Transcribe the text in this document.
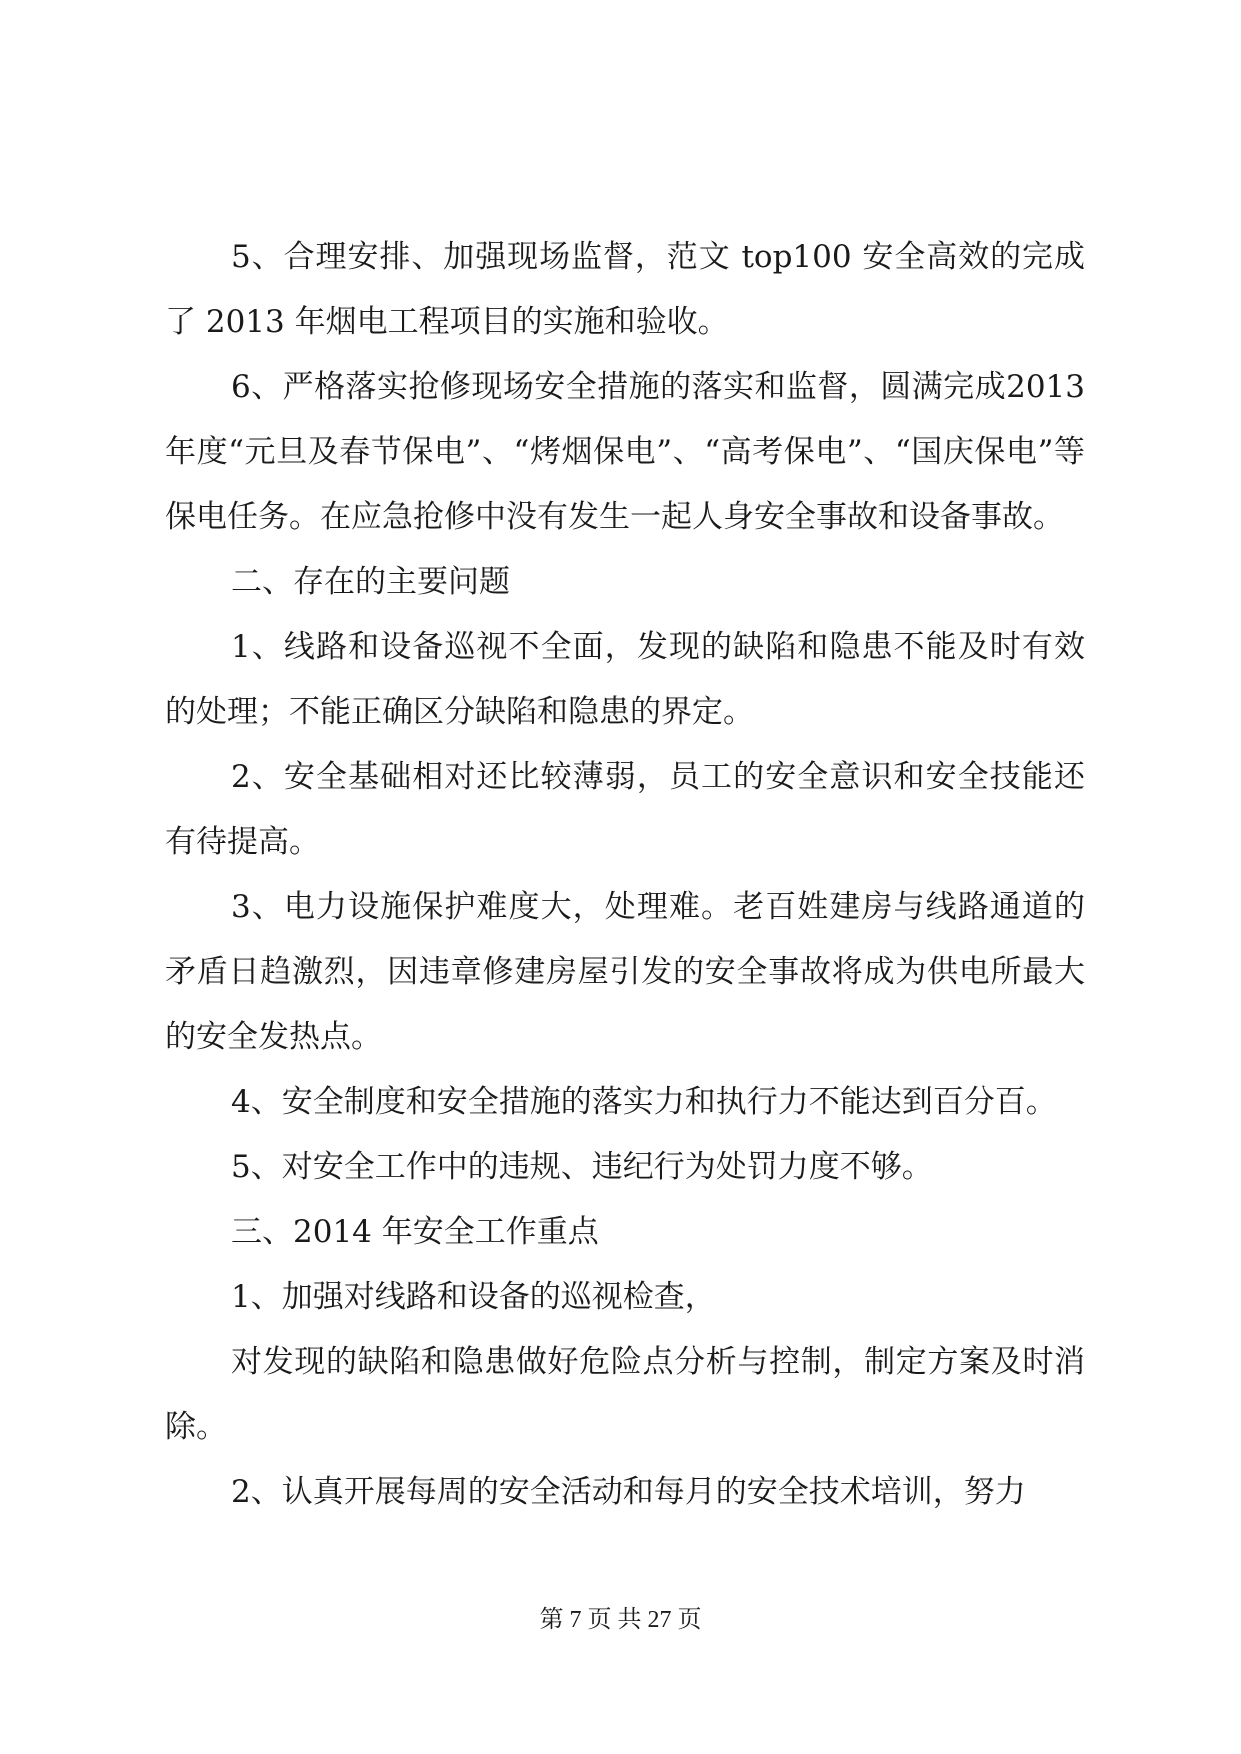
5、合理安排、加强现场监督，范文 top100 安全高效的完成了 2013 年烟电工程项目的实施和验收。

6、严格落实抢修现场安全措施的落实和监督，圆满完成2013年度“元旦及春节保电”、“烤烟保电”、“高考保电”、“国庆保电”等保电任务。在应急抢修中没有发生一起人身安全事故和设备事故。

二、存在的主要问题

1、线路和设备巡视不全面，发现的缺陷和隐患不能及时有效的处理；不能正确区分缺陷和隐患的界定。

2、安全基础相对还比较薄弱，员工的安全意识和安全技能还有待提高。

3、电力设施保护难度大，处理难。老百姓建房与线路通道的矛盾日趋激烈，因违章修建房屋引发的安全事故将成为供电所最大的安全发热点。

4、安全制度和安全措施的落实力和执行力不能达到百分百。

5、对安全工作中的违规、违纪行为处罚力度不够。

三、2014 年安全工作重点

1、加强对线路和设备的巡视检查，

对发现的缺陷和隐患做好危险点分析与控制，制定方案及时消除。

2、认真开展每周的安全活动和每月的安全技术培训，努力

第 7 页 共 27 页
